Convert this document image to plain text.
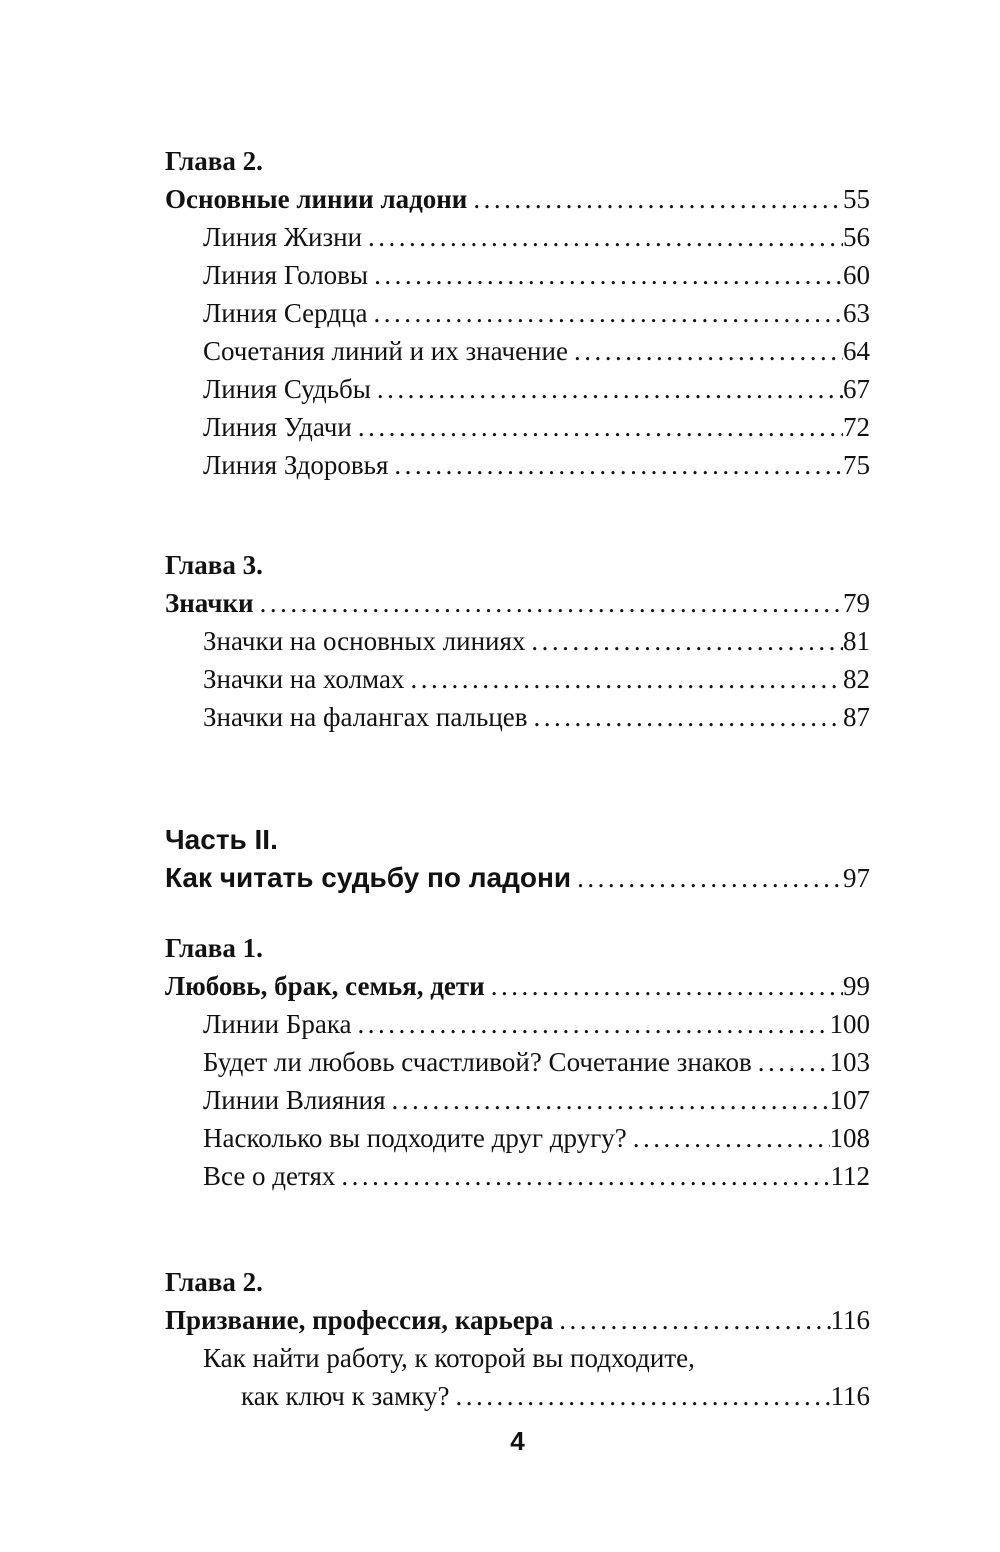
Глава 2.
Основные линии ладони .....	55
Линия Жизни .....	56
Линия Головы .....	60
Линия Сердца .....	63
Сочетания линий и их значение .....	64
Линия Судьбы .....	67
Линия Удачи .....	72
Линия Здоровья .....	75
Глава 3.
Значки .....	79
Значки на основных линиях .....	81
Значки на холмах .....	82
Значки на фалангах пальцев .....	87
Часть II.
Как читать судьбу по ладони .....	97
Глава 1.
Любовь, брак, семья, дети .....	99
Линии Брака .....	100
Будет ли любовь счастливой? Сочетание знаков .....	103
Линии Влияния .....	107
Насколько вы подходите друг другу? .....	108
Все о детях .....	112
Глава 2.
Призвание, профессия, карьера .....	116
Как найти работу, к которой вы подходите,
как ключ к замку? .....	116
4
